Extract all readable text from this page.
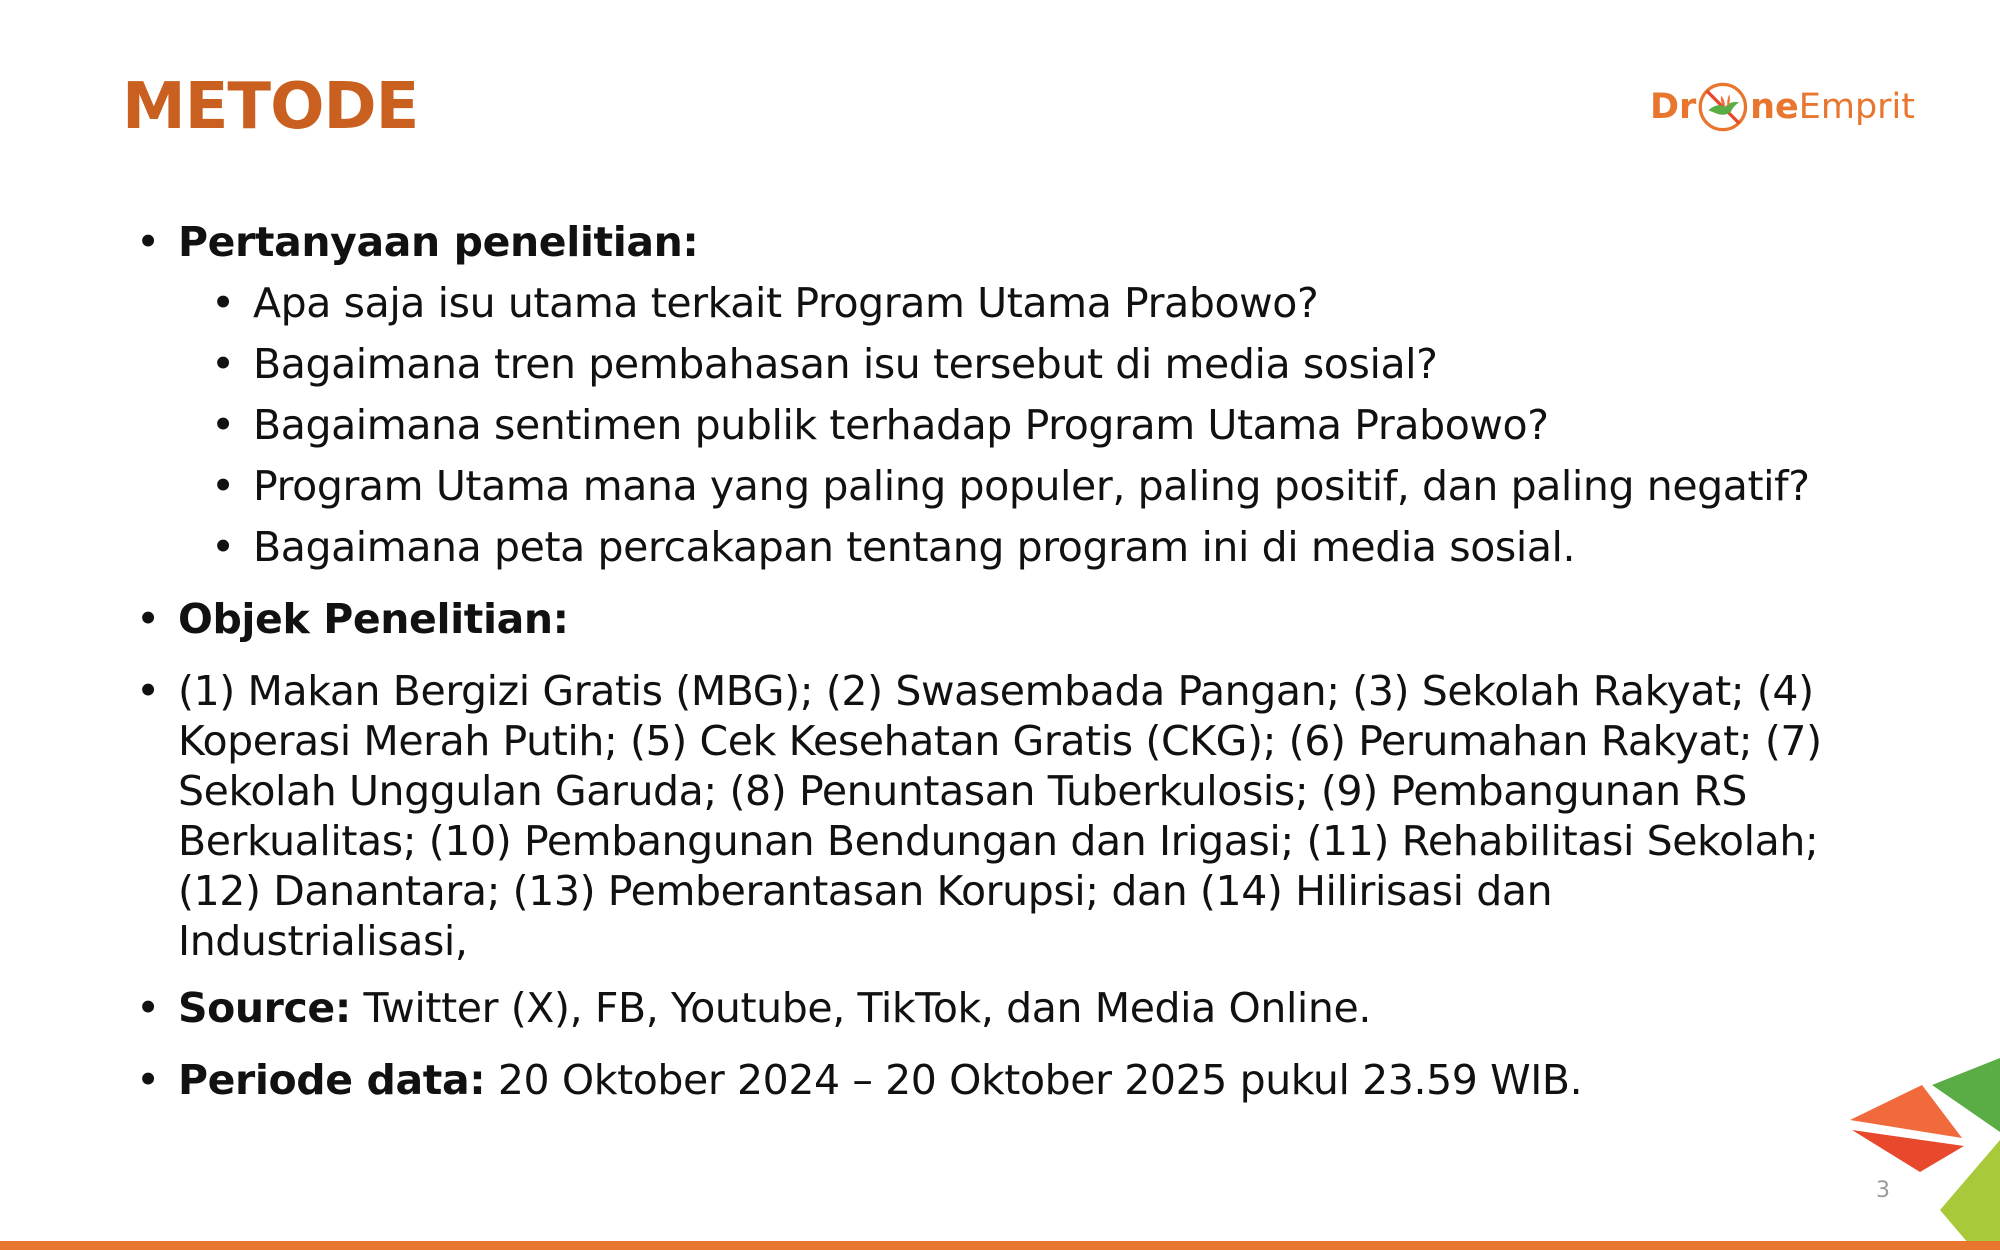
METODE	Dr ne Emprit

• Pertanyaan penelitian:

• Apa saja isu utama terkait Program Utama Prabowo?

• Bagaimana tren pembahasan isu tersebut di media sosial?

• Bagaimana sentimen publik terhadap Program Utama Prabowo?

• Program Utama mana yang paling populer, paling positif, dan paling negatif?

• Bagaimana peta percakapan tentang program ini di media sosial.

• Objek Penelitian:

• (1) Makan Bergizi Gratis (MBG); (2) Swasembada Pangan; (3) Sekolah Rakyat; (4)
Koperasi Merah Putih; (5) Cek Kesehatan Gratis (CKG); (6) Perumahan Rakyat; (7)
Sekolah Unggulan Garuda; (8) Penuntasan Tuberkulosis; (9) Pembangunan RS
Berkualitas; (10) Pembangunan Bendungan dan Irigasi; (11) Rehabilitasi Sekolah;
(12) Danantara; (13) Pemberantasan Korupsi; dan (14) Hilirisasi dan
Industrialisasi,

• Source: Twitter (X), FB, Youtube, TikTok, dan Media Online.

• Periode data: 20 Oktober 2024 – 20 Oktober 2025 pukul 23.59 WIB.

3
